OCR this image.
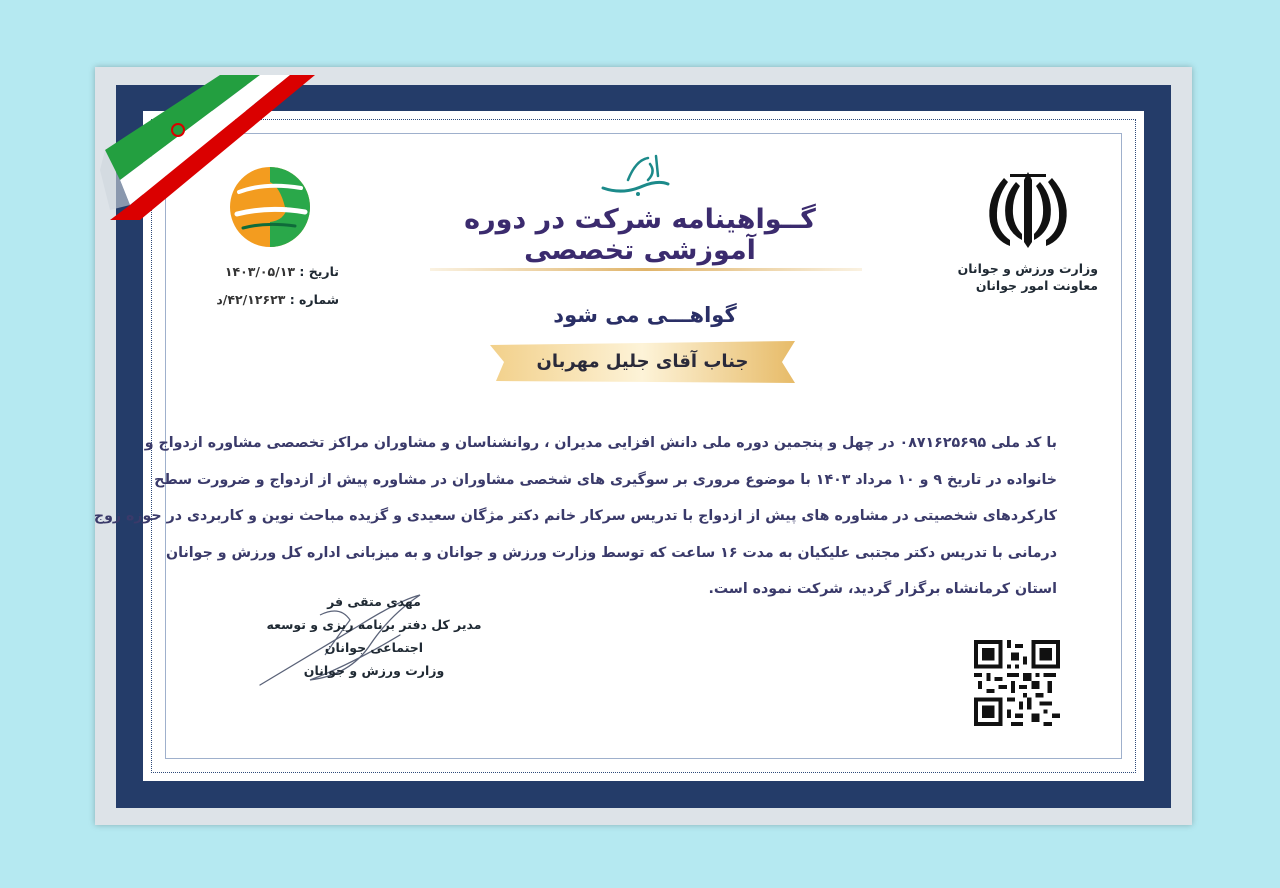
گــواهینامه شرکت در دوره آموزشی تخصصی
وزارت ورزش و جوانان
معاونت امور جوانان
تاریخ : ۱۴۰۳/۰۵/۱۳
شماره : ۴۲/۱۲۶۲۳/د
گواهـــی می شود
جناب آقای جلیل مهربان
با کد ملی ۰۸۷۱۶۲۵۶۹۵ در چهل و پنجمین دوره ملی دانش افزایی مدیران ، روانشناسان و مشاوران مراکز تخصصی مشاوره ازدواج و
خانواده در تاریخ ۹ و ۱۰ مرداد ۱۴۰۳ با موضوع مروری بر سوگیری های شخصی مشاوران در مشاوره پیش از ازدواج و ضرورت سطح
کارکردهای شخصیتی در مشاوره های پیش از ازدواج با تدریس سرکار خانم دکتر مژگان سعیدی و گزیده مباحث نوین و کاربردی در حوزه زوج
درمانی با تدریس دکتر مجتبی علیکیان به مدت ۱۶ ساعت که توسط وزارت ورزش و جوانان و به میزبانی اداره کل ورزش و جوانان
استان کرمانشاه برگزار گردید، شرکت نموده است.
مهدی متقی فر
مدیر کل دفتر برنامه ریزی و توسعه اجتماعی جوانان
وزارت ورزش و جوانان
